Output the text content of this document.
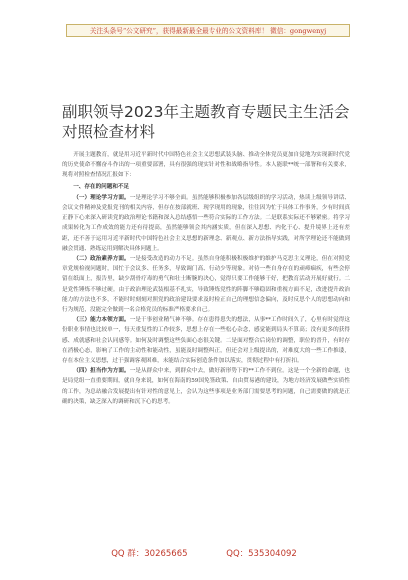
关注头条号“公文研究”，获得最新最全最专业的公文资料库！ 微信：gongwenyj
副职领导2023年主题教育专题民主生活会对照检查材料

开展主题教育，就是用习近平新时代中国特色社会主义思想武装头脑、推动全体党员更加自觉地为实现新时代党的历史使命不懈奋斗作出的一项重要部署，具有很强的现实针对性和战略指导性。本人能联**统一部署和有关要求，现将对照检查情况汇报如下：

一、存在的问题和不足

（一）理论学习方面。一是理论学习不够全面。虽然能够积极参加各层级组织的学习活动，热读上级领导讲话、会议文件精神及党报党刊的相关内容，但存在按部就班、现学现用的现象，往往因为忙于具体工作事务，少有时间真正静下心来深入研读党的政治理论书籍和深入总结感悟一些符合实际的工作方法。二是联系实际还不够紧密。将学习成果转化为工作成效的能力还有待提高，虽然能够领会其内涵实质，但在深入思想、内化于心、提升境界上还有差距，还不善于运用习近平新时代中国特色社会主义思想的新理念、新观点、新方法指导实践，对所学理论还不能做到融会贯通、熟练运用到解决具体问题上。

（二）政治素养方面。一是接受改造的动力不足。虽然自身能积极积极维护的维护马克思主义理论，但在对照党章党规检视问题时，国忙于会议多、任务多，导致调门高、行动少等现象。对待一些自身存在的顽瘴痼疾，有些会停留在纸面上，报告里，缺少刮骨疗毒的勇气和壮士断腕的决心，觉得只要工作能够干好，把教育活动开展好就行。二是党性锤炼不够过硬。由于政治理论武装根基不扎实，导致锤炼党性的阵脚不够稳固和重视方面不足，改进提升政治能力的方法也不多，不能时时刻刻对照党的政治建设要求及时检正自己的理想信念偏向，及时反思个人的思想动向和行为规范，没能完全做到一名合格党员的标准严格要求自己。

（三）能力本领方面。一是干事创业精气神不够。存在患得患失的想法，从事**工作时间久了，心里有时觉得这份职业事情也比较单一，每天重复性的工作较多，思想上存在一些松心杂念，感觉能到局头不算高；没有更多的获得感、成就感和社会认同感等。如何及时调整这些负面心态很关键。二是面对整合后岗位的调整，职位的晋升，有时存在消极心态，影响了工作的主动性和能动性，虽能及时调整纠正，但还会对上级提出的，对难度大的一些工作推诿，存在本位主义思想，过于强调客观困难，未能结合实际创造条件加以落实，贯彻过程中有打折扣。

（四）担当作为方面。一是从群众中来，到群众中去，做好新形势下的**工作不到位。这是一个全新的命题，也是局党组一直重要期间，就自身来说，如何在海南的59国免签政策、自由贸易港的建设，为地方经济发展做些实质性的工作，为总站融合发展提出有针对性的意见上，会认为这些事项是业务部门需要思考的问题，自己需要做的就是正确的决策，缺乏深入的调研和沉下心的思考。

QQ 群：30265665	QQ：535304092
